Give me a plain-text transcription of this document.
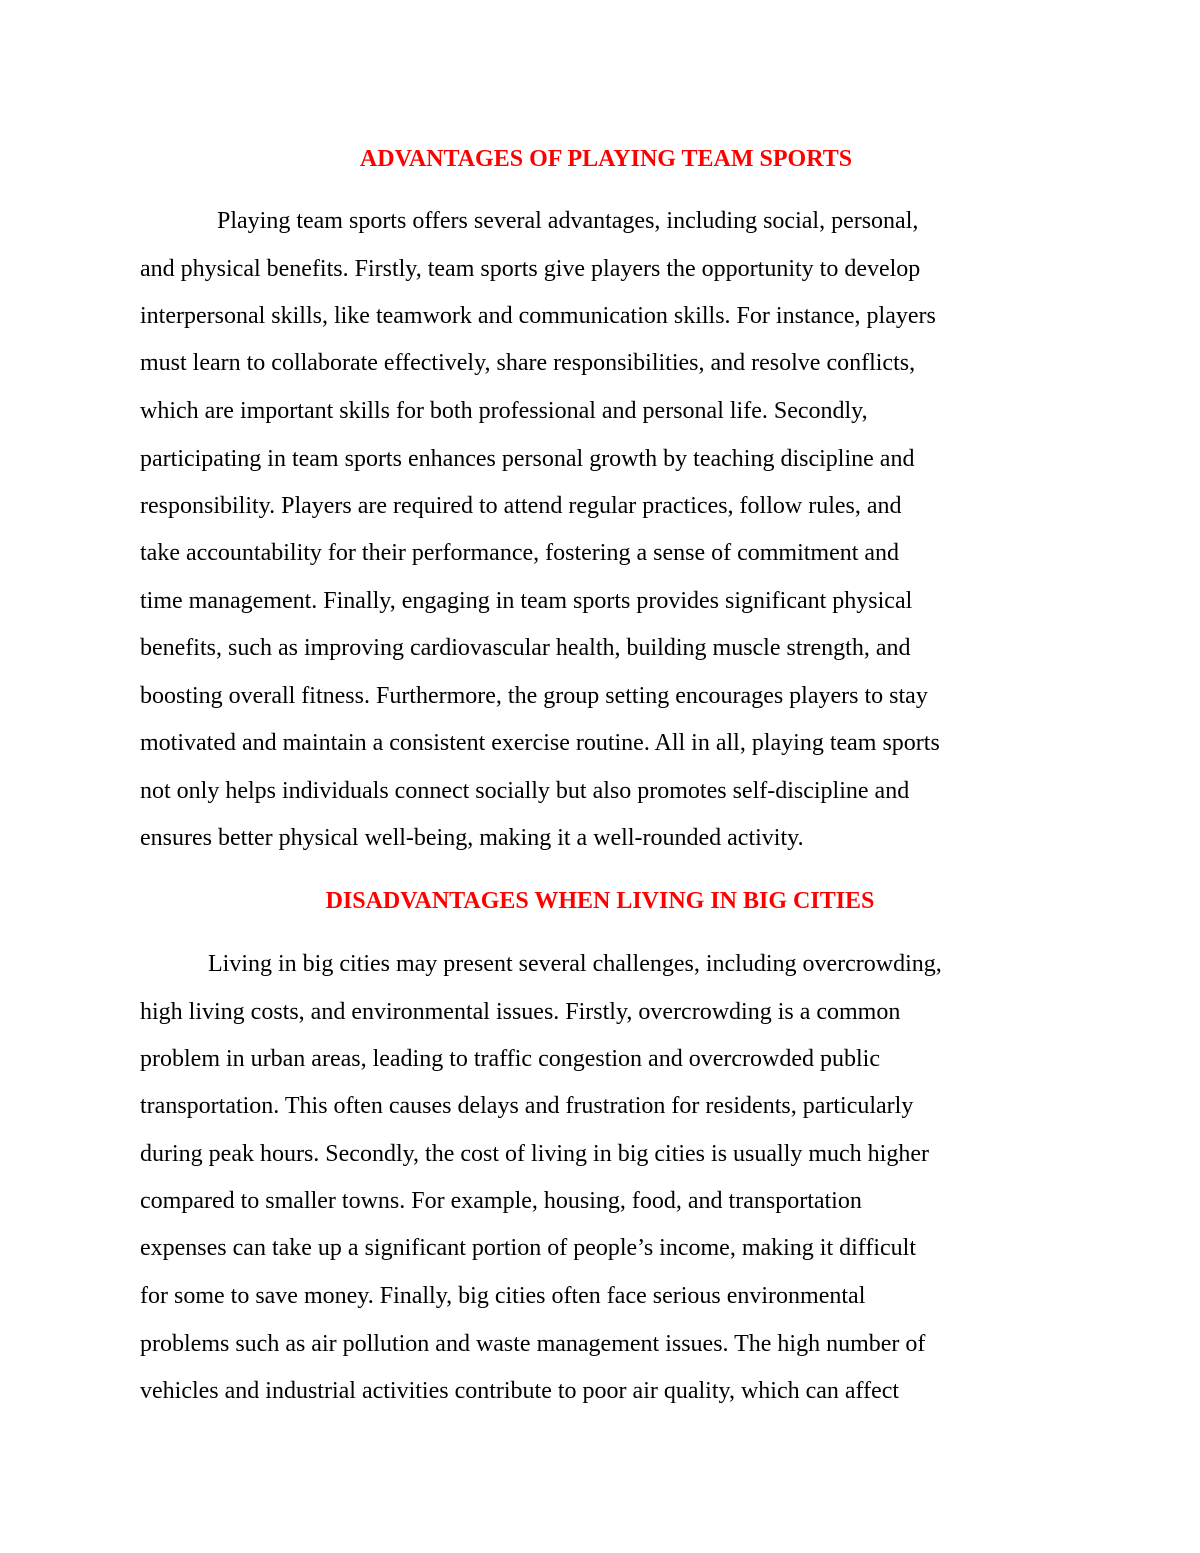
ADVANTAGES OF PLAYING TEAM SPORTS

Playing team sports offers several advantages, including social, personal,

and physical benefits. Firstly, team sports give players the opportunity to develop

interpersonal skills, like teamwork and communication skills. For instance, players

must learn to collaborate effectively, share responsibilities, and resolve conflicts,

which are important skills for both professional and personal life. Secondly,

participating in team sports enhances personal growth by teaching discipline and

responsibility. Players are required to attend regular practices, follow rules, and

take accountability for their performance, fostering a sense of commitment and

time management. Finally, engaging in team sports provides significant physical

benefits, such as improving cardiovascular health, building muscle strength, and

boosting overall fitness. Furthermore, the group setting encourages players to stay

motivated and maintain a consistent exercise routine. All in all, playing team sports

not only helps individuals connect socially but also promotes self-discipline and

ensures better physical well-being, making it a well-rounded activity.

DISADVANTAGES WHEN LIVING IN BIG CITIES

Living in big cities may present several challenges, including overcrowding,

high living costs, and environmental issues. Firstly, overcrowding is a common

problem in urban areas, leading to traffic congestion and overcrowded public

transportation. This often causes delays and frustration for residents, particularly

during peak hours. Secondly, the cost of living in big cities is usually much higher

compared to smaller towns. For example, housing, food, and transportation

expenses can take up a significant portion of people’s income, making it difficult

for some to save money. Finally, big cities often face serious environmental

problems such as air pollution and waste management issues. The high number of

vehicles and industrial activities contribute to poor air quality, which can affect
